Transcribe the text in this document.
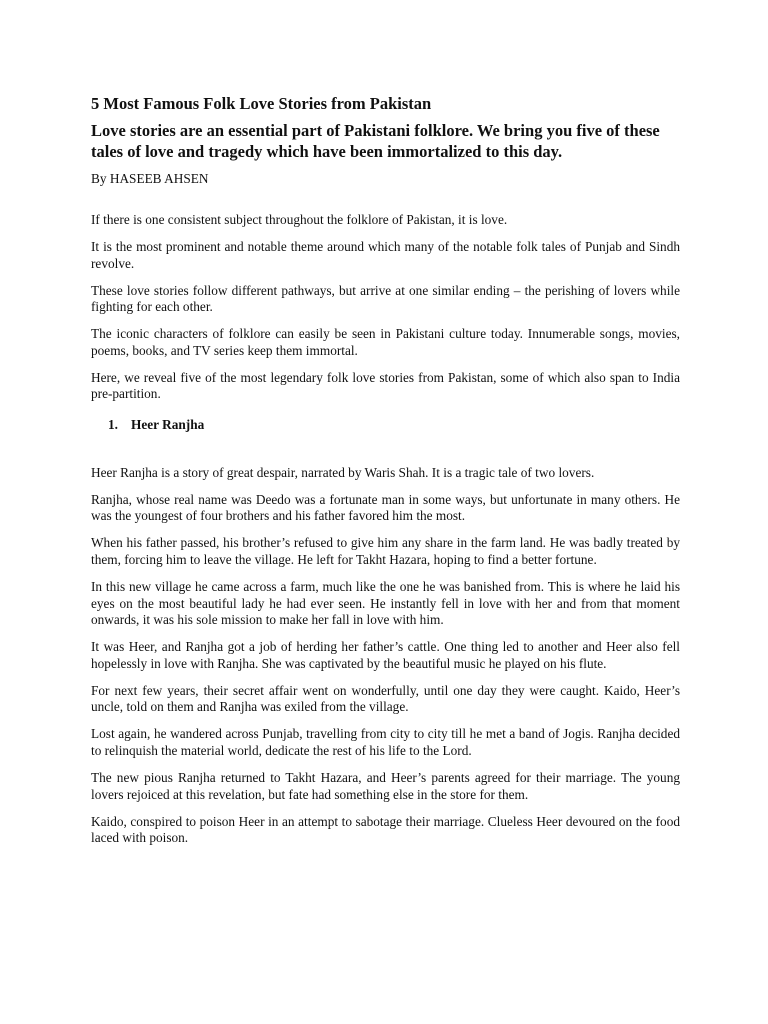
5 Most Famous Folk Love Stories from Pakistan
Love stories are an essential part of Pakistani folklore. We bring you five of these tales of love and tragedy which have been immortalized to this day.
By HASEEB AHSEN

If there is one consistent subject throughout the folklore of Pakistan, it is love.

It is the most prominent and notable theme around which many of the notable folk tales of Punjab and Sindh revolve.

These love stories follow different pathways, but arrive at one similar ending – the perishing of lovers while fighting for each other.

The iconic characters of folklore can easily be seen in Pakistani culture today. Innumerable songs, movies, poems, books, and TV series keep them immortal.

Here, we reveal five of the most legendary folk love stories from Pakistan, some of which also span to India pre-partition.

1. Heer Ranjha

Heer Ranjha is a story of great despair, narrated by Waris Shah. It is a tragic tale of two lovers.

Ranjha, whose real name was Deedo was a fortunate man in some ways, but unfortunate in many others. He was the youngest of four brothers and his father favored him the most.

When his father passed, his brother’s refused to give him any share in the farm land. He was badly treated by them, forcing him to leave the village. He left for Takht Hazara, hoping to find a better fortune.

In this new village he came across a farm, much like the one he was banished from. This is where he laid his eyes on the most beautiful lady he had ever seen. He instantly fell in love with her and from that moment onwards, it was his sole mission to make her fall in love with him.

It was Heer, and Ranjha got a job of herding her father’s cattle. One thing led to another and Heer also fell hopelessly in love with Ranjha. She was captivated by the beautiful music he played on his flute.

For next few years, their secret affair went on wonderfully, until one day they were caught. Kaido, Heer’s uncle, told on them and Ranjha was exiled from the village.

Lost again, he wandered across Punjab, travelling from city to city till he met a band of Jogis. Ranjha decided to relinquish the material world, dedicate the rest of his life to the Lord.

The new pious Ranjha returned to Takht Hazara, and Heer’s parents agreed for their marriage. The young lovers rejoiced at this revelation, but fate had something else in the store for them.

Kaido, conspired to poison Heer in an attempt to sabotage their marriage. Clueless Heer devoured on the food laced with poison.
